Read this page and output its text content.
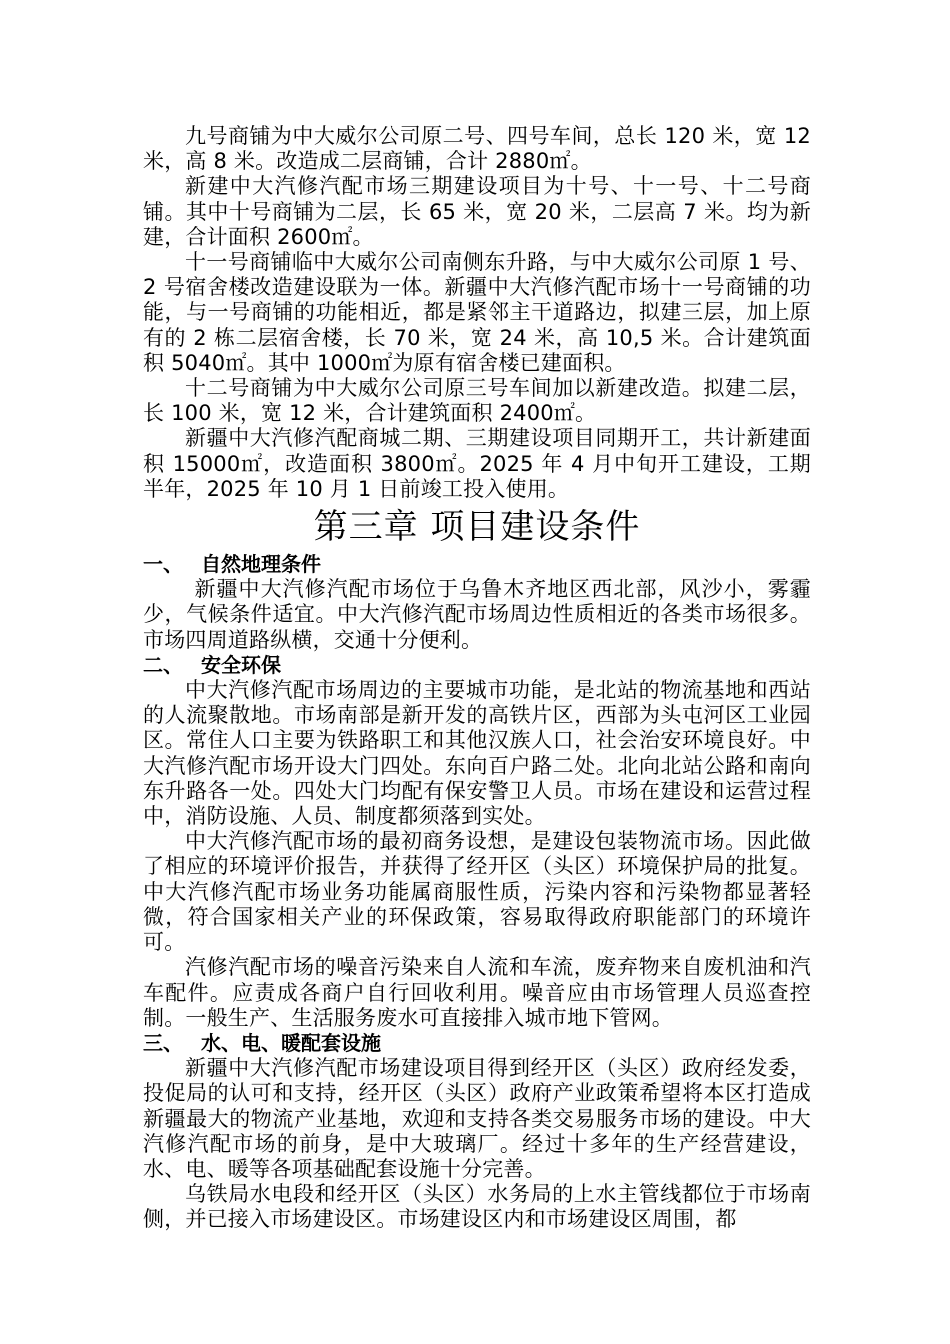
九号商铺为中大威尔公司原二号、四号车间，总长 120 米，宽 12 米，高 8 米。改造成二层商铺，合计 2880㎡。

新建中大汽修汽配市场三期建设项目为十号、十一号、十二号商铺。其中十号商铺为二层，长 65 米，宽 20 米，二层高 7 米。均为新建，合计面积 2600㎡。

十一号商铺临中大威尔公司南侧东升路，与中大威尔公司原 1 号、2 号宿舍楼改造建设联为一体。新疆中大汽修汽配市场十一号商铺的功能，与一号商铺的功能相近，都是紧邻主干道路边，拟建三层，加上原有的 2 栋二层宿舍楼，长 70 米，宽 24 米，高 10,5 米。合计建筑面积 5040㎡。其中 1000㎡为原有宿舍楼已建面积。

十二号商铺为中大威尔公司原三号车间加以新建改造。拟建二层，长 100 米，宽 12 米，合计建筑面积 2400㎡。

新疆中大汽修汽配商城二期、三期建设项目同期开工，共计新建面积 15000㎡，改造面积 3800㎡。2025 年 4 月中旬开工建设，工期半年，2025 年 10 月 1 日前竣工投入使用。

第三章 项目建设条件
一、 自然地理条件

新疆中大汽修汽配市场位于乌鲁木齐地区西北部，风沙小，雾霾少，气候条件适宜。中大汽修汽配市场周边性质相近的各类市场很多。市场四周道路纵横，交通十分便利。

二、 安全环保

中大汽修汽配市场周边的主要城市功能，是北站的物流基地和西站的人流聚散地。市场南部是新开发的高铁片区，西部为头屯河区工业园区。常住人口主要为铁路职工和其他汉族人口，社会治安环境良好。中大汽修汽配市场开设大门四处。东向百户路二处。北向北站公路和南向东升路各一处。四处大门均配有保安警卫人员。市场在建设和运营过程中，消防设施、人员、制度都须落到实处。

中大汽修汽配市场的最初商务设想，是建设包装物流市场。因此做了相应的环境评价报告，并获得了经开区（头区）环境保护局的批复。中大汽修汽配市场业务功能属商服性质，污染内容和污染物都显著轻微，符合国家相关产业的环保政策，容易取得政府职能部门的环境许可。

汽修汽配市场的噪音污染来自人流和车流，废弃物来自废机油和汽车配件。应责成各商户自行回收利用。噪音应由市场管理人员巡查控制。一般生产、生活服务废水可直接排入城市地下管网。

三、 水、电、暖配套设施

新疆中大汽修汽配市场建设项目得到经开区（头区）政府经发委，投促局的认可和支持，经开区（头区）政府产业政策希望将本区打造成新疆最大的物流产业基地，欢迎和支持各类交易服务市场的建设。中大汽修汽配市场的前身，是中大玻璃厂。经过十多年的生产经营建设，水、电、暖等各项基础配套设施十分完善。

乌铁局水电段和经开区（头区）水务局的上水主管线都位于市场南侧，并已接入市场建设区。市场建设区内和市场建设区周围，都
